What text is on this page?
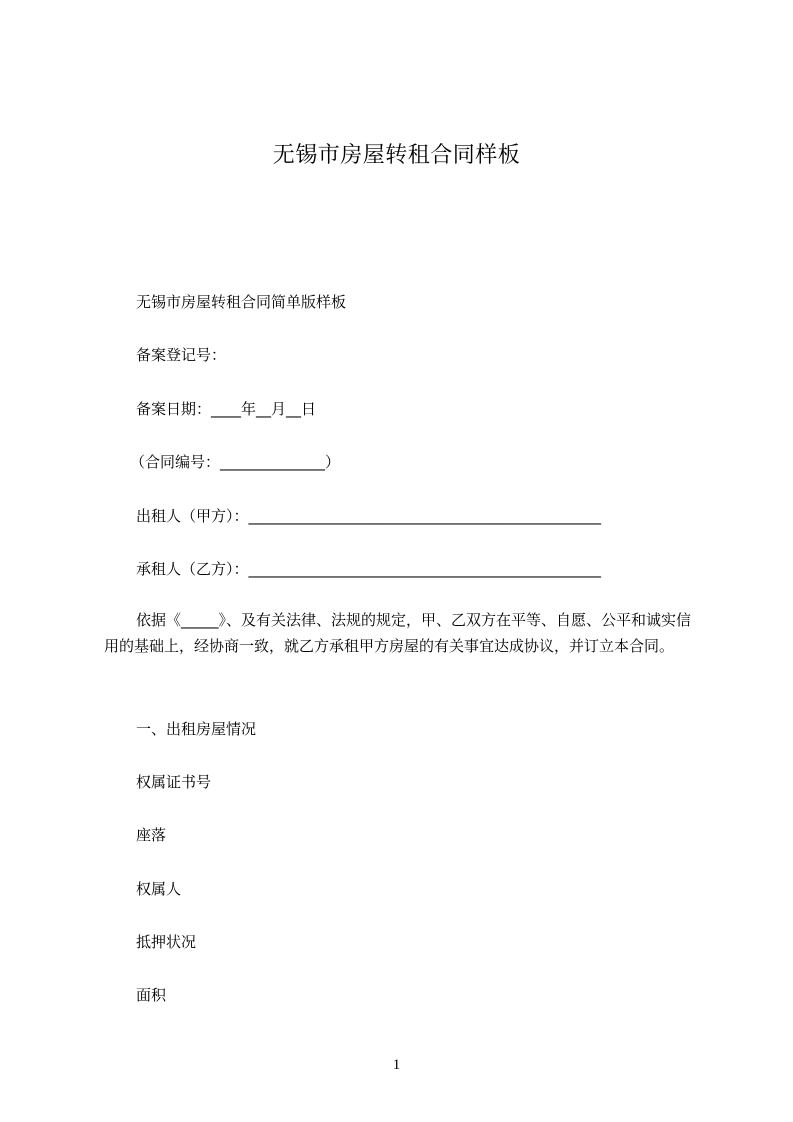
无锡市房屋转租合同样板
无锡市房屋转租合同简单版样板
备案登记号：
备案日期：____年__月__日
（合同编号：______________）
出租人（甲方）：_______________________________________________
承租人（乙方）：_______________________________________________
依据《_____》、及有关法律、法规的规定，甲、乙双方在平等、自愿、公平和诚实信用的基础上，经协商一致，就乙方承租甲方房屋的有关事宜达成协议，并订立本合同。
一、出租房屋情况
权属证书号
座落
权属人
抵押状况
面积
1
